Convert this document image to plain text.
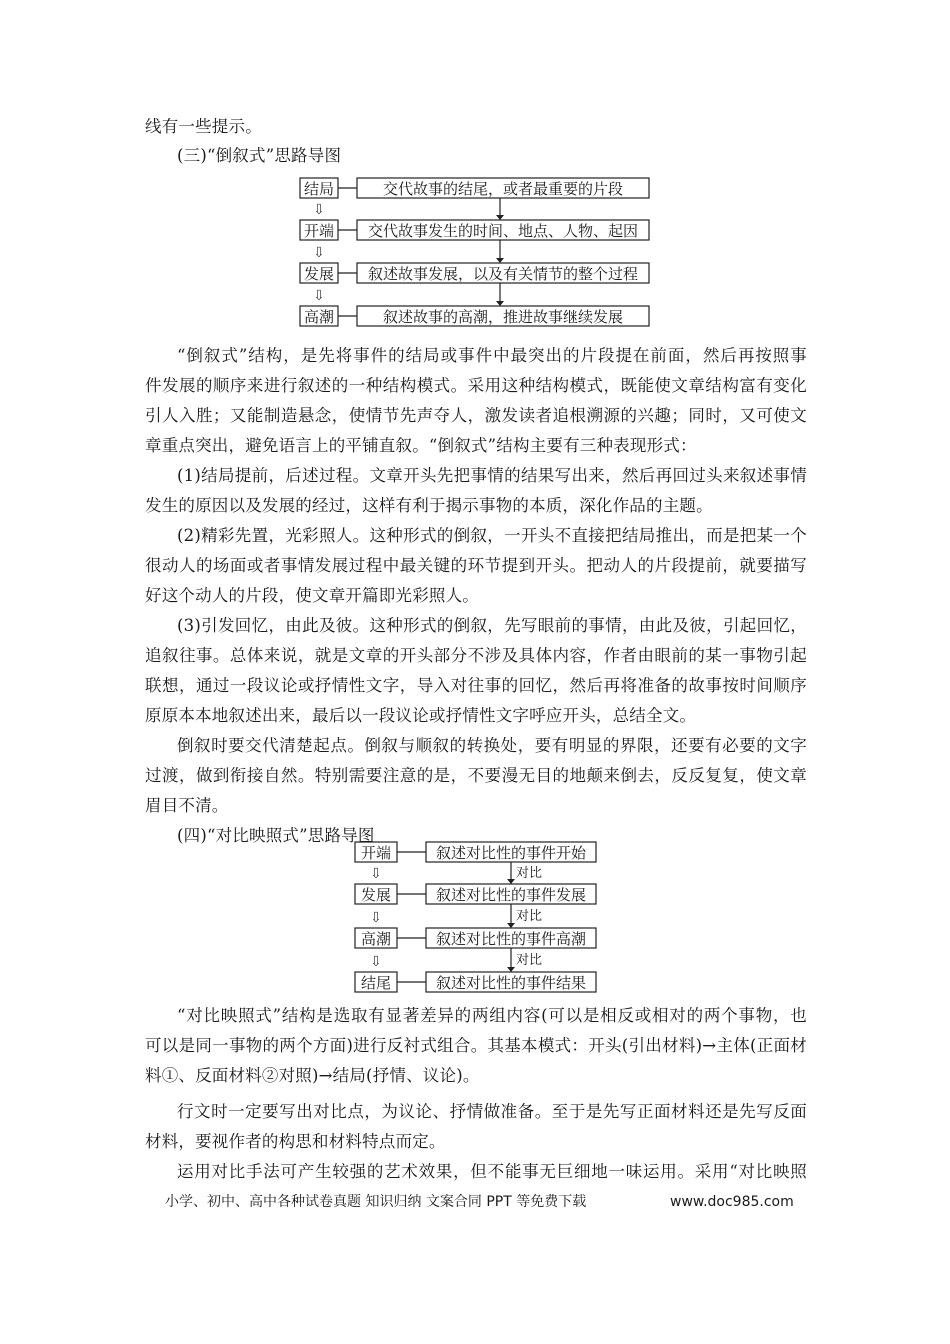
线有一些提示。
(三)“倒叙式”思路导图
结局
开端
发展
高潮
交代故事的结尾，或者最重要的片段
交代故事发生的时间、地点、人物、起因
叙述故事发展，以及有关情节的整个过程
叙述故事的高潮，推进故事继续发展
⇩
⇩
⇩
“倒叙式”结构，是先将事件的结局或事件中最突出的片段提在前面，然后再按照事
件发展的顺序来进行叙述的一种结构模式。采用这种结构模式，既能使文章结构富有变化
引人入胜；又能制造悬念，使情节先声夺人，激发读者追根溯源的兴趣；同时，又可使文
章重点突出，避免语言上的平铺直叙。“倒叙式”结构主要有三种表现形式：
(1)结局提前，后述过程。文章开头先把事情的结果写出来，然后再回过头来叙述事情
发生的原因以及发展的经过，这样有利于揭示事物的本质，深化作品的主题。
(2)精彩先置，光彩照人。这种形式的倒叙，一开头不直接把结局推出，而是把某一个
很动人的场面或者事情发展过程中最关键的环节提到开头。把动人的片段提前，就要描写
好这个动人的片段，使文章开篇即光彩照人。
(3)引发回忆，由此及彼。这种形式的倒叙，先写眼前的事情，由此及彼，引起回忆，
追叙往事。总体来说，就是文章的开头部分不涉及具体内容，作者由眼前的某一事物引起
联想，通过一段议论或抒情性文字，导入对往事的回忆，然后再将准备的故事按时间顺序
原原本本地叙述出来，最后以一段议论或抒情性文字呼应开头，总结全文。
倒叙时要交代清楚起点。倒叙与顺叙的转换处，要有明显的界限，还要有必要的文字
过渡，做到衔接自然。特别需要注意的是，不要漫无目的地颠来倒去，反反复复，使文章
眉目不清。
(四)“对比映照式”思路导图
开端
发展
高潮
结尾
叙述对比性的事件开始
叙述对比性的事件发展
叙述对比性的事件高潮
叙述对比性的事件结果
对比
对比
对比
⇩
⇩
⇩
“对比映照式”结构是选取有显著差异的两组内容(可以是相反或相对的两个事物，也
可以是同一事物的两个方面)进行反衬式组合。其基本模式：开头(引出材料)→主体(正面材
料①、反面材料②对照)→结局(抒情、议论)。
行文时一定要写出对比点，为议论、抒情做准备。至于是先写正面材料还是先写反面
材料，要视作者的构思和材料特点而定。
运用对比手法可产生较强的艺术效果，但不能事无巨细地一味运用。采用“对比映照
小学、初中、高中各种试卷真题 知识归纳 文案合同 PPT 等免费下载	www.doc985.com
